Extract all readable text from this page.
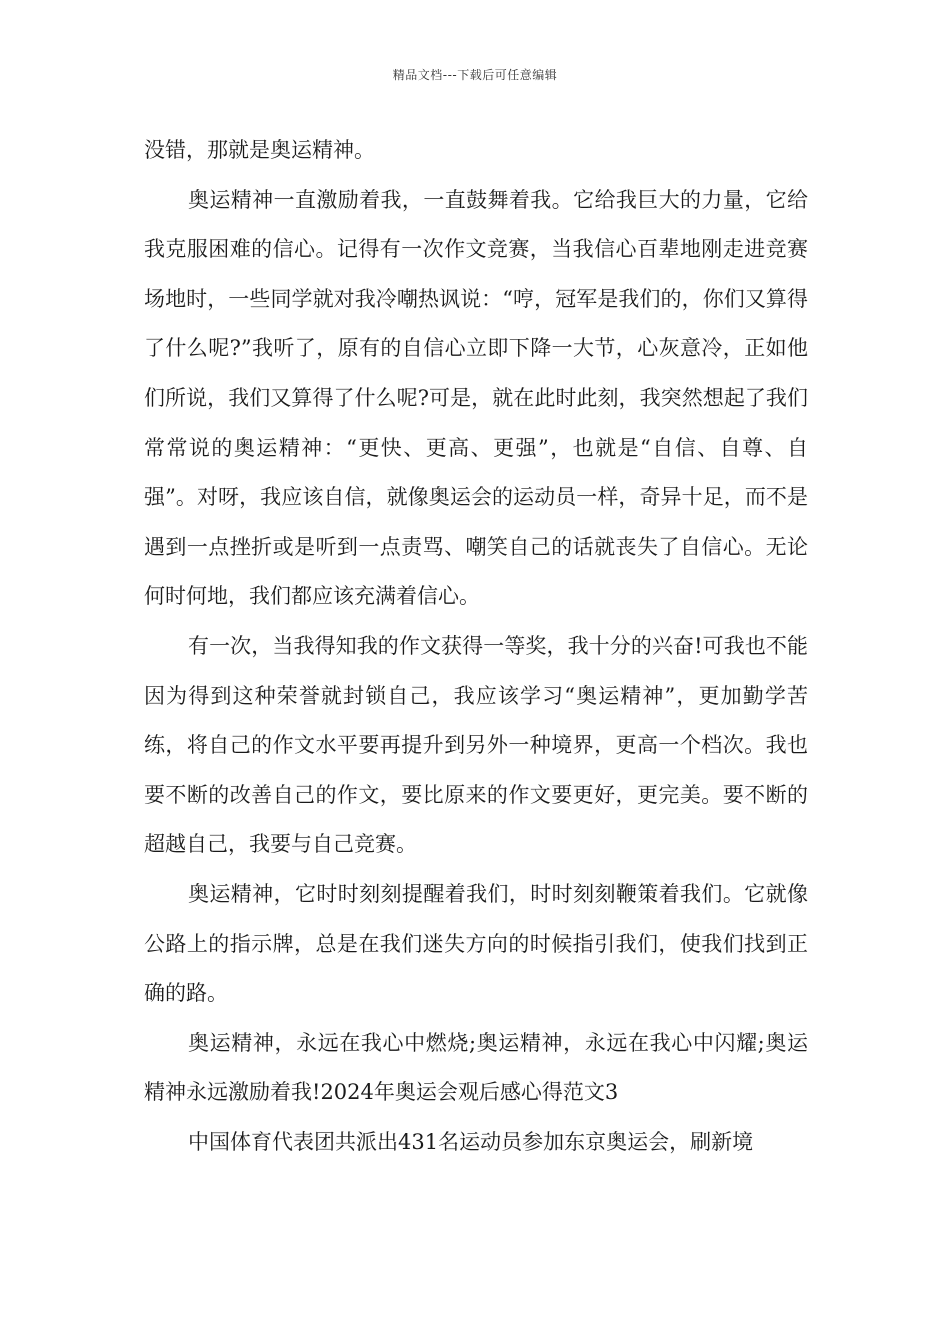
精品文档---下载后可任意编辑

没错，那就是奥运精神。

奥运精神一直激励着我，一直鼓舞着我。它给我巨大的力量，它给我克服困难的信心。记得有一次作文竞赛，当我信心百辈地刚走进竞赛场地时，一些同学就对我冷嘲热讽说：“哼，冠军是我们的，你们又算得了什么呢?”我听了，原有的自信心立即下降一大节，心灰意冷，正如他们所说，我们又算得了什么呢?可是，就在此时此刻，我突然想起了我们常常说的奥运精神：“更快、更高、更强”，也就是“自信、自尊、自强”。对呀，我应该自信，就像奥运会的运动员一样，奇异十足，而不是遇到一点挫折或是听到一点责骂、嘲笑自己的话就丧失了自信心。无论何时何地，我们都应该充满着信心。

有一次，当我得知我的作文获得一等奖，我十分的兴奋!可我也不能因为得到这种荣誉就封锁自己，我应该学习“奥运精神”，更加勤学苦练，将自己的作文水平要再提升到另外一种境界，更高一个档次。我也要不断的改善自己的作文，要比原来的作文要更好，更完美。要不断的超越自己，我要与自己竞赛。

奥运精神，它时时刻刻提醒着我们，时时刻刻鞭策着我们。它就像公路上的指示牌，总是在我们迷失方向的时候指引我们，使我们找到正确的路。

奥运精神，永远在我心中燃烧;奥运精神，永远在我心中闪耀;奥运精神永远激励着我!2024年奥运会观后感心得范文3

中国体育代表团共派出431名运动员参加东京奥运会，刷新境
